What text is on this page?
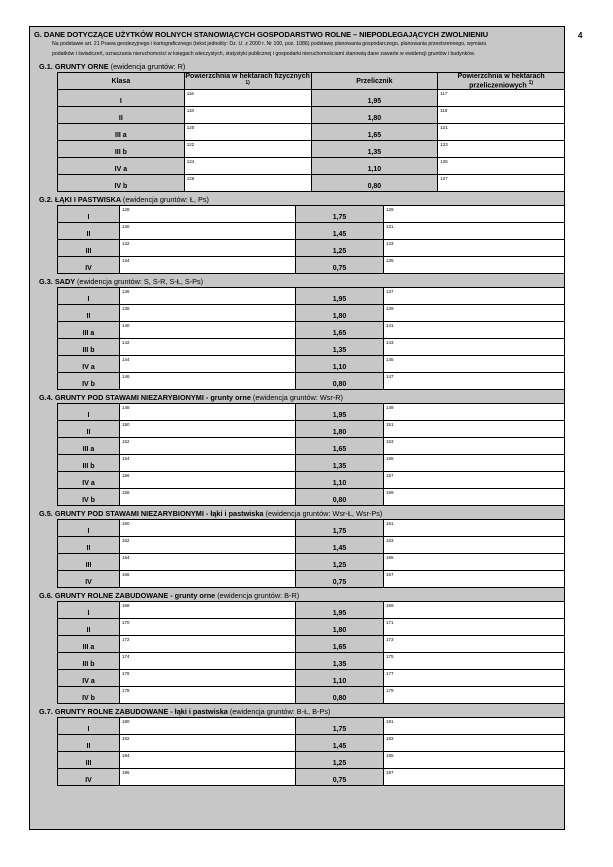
4
G. DANE DOTYCZĄCE UŻYTKÓW ROLNYCH STANOWIĄCYCH GOSPODARSTWO ROLNE – NIEPODLEGAJĄCYCH ZWOLNIENIU
Na podstawie art. 21 Prawa geodezyjnego i kartograficznego (tekst jednolity: Dz. U. z 2000 r. Nr 100, poz. 1086) podstawę planowania gospodarczego, planowania przestrzennego, wymiaru
podatków i świadczeń, oznaczania nieruchomości w księgach wieczystych, statystyki publicznej i gospodarki nieruchomościami stanowią dane zawarte w ewidencji gruntów i budynków.
G.1. GRUNTY ORNE (ewidencja gruntów: R)
Klasa	Powierzchnia w hektarach fizycznych $^{1)}$	Przelicznik	Powierzchnia w hektarach przeliczeniowych $^{1)}$
I	116	1,95	117

II	118	1,80	119

III a	120	1,65	121

III b	122	1,35	123

IV a	124	1,10	125

IV b	126	0,80	127
G.2. ŁĄKI I PASTWISKA (ewidencja gruntów: Ł, Ps)
I	128	1,75	129

II	130	1,45	131

III	132	1,25	133

IV	134	0,75	135
G.3. SADY (ewidencja gruntów: S, S-R, S-Ł, S-Ps)
I	136	1,95	137

II	138	1,80	139

III a	140	1,65	141

III b	142	1,35	143

IV a	144	1,10	145

IV b	146	0,80	147
G.4. GRUNTY POD STAWAMI NIEZARYBIONYMI - grunty orne (ewidencja gruntów: Wsr-R)
I	148	1,95	149

II	150	1,80	151

III a	152	1,65	153

III b	154	1,35	155

IV a	156	1,10	157

IV b	158	0,80	159
G.5. GRUNTY POD STAWAMI NIEZARYBIONYMI - łąki i pastwiska (ewidencja gruntów: Wsr-Ł, Wsr-Ps)
I	160	1,75	161

II	162	1,45	163

III	164	1,25	165

IV	166	0,75	167
G.6. GRUNTY ROLNE ZABUDOWANE - grunty orne (ewidencja gruntów: B-R)
I	168	1,95	169

II	170	1,80	171

III a	172	1,65	173

III b	174	1,35	175

IV a	176	1,10	177

IV b	178	0,80	179
G.7. GRUNTY ROLNE ZABUDOWANE - łąki i pastwiska (ewidencja gruntów: B-Ł, B-Ps)
I	180	1,75	181

II	182	1,45	183

III	184	1,25	185

IV	186	0,75	187
